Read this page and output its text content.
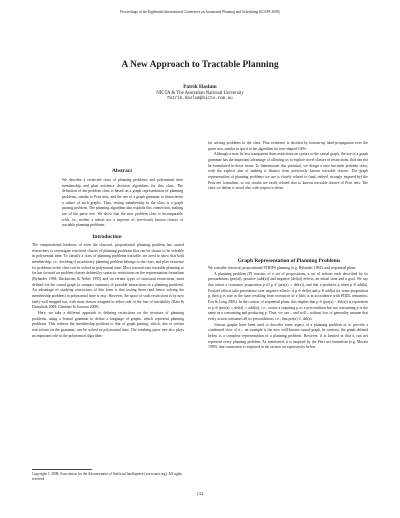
Proceedings of the Eighteenth International Conference on Automated Planning and Scheduling (ICAPS 2008)
A New Approach to Tractable Planning
Patrik Haslum
NICTA & The Australian National University
Patrik.Haslum@nicta.com.au
Abstract
We describe a restricted class of planning problems and polynomial time membership and plan existence decision algorithms for this class. The definition of the problem class is based on a graph representation of planning problems, similar to Petri nets, and the use of a graph grammar to characterise a subset of such graphs. Thus, testing membership in the class is a graph parsing problem. The planning algorithm also exploits this connection, making use of the parse tree. We show that the new problem class is incomparable with, i.e., neither a subset nor a superset of, previously known classes of tractable planning problems.
Introduction

The computational hardness of even the classical, propositional planning problem has caused researchers to investigate restricted classes of planning problems that can be shown to be solvable in polynomial time. To classify a class of planning problems tractable, we need to show that both membership, i.e., deciding if an arbitrary planning problem belongs to the class, and plan existence for problems in the class can be solved in polynomial time. Most research into tractable planning so far has focused on problem classes defined by syntactic restrictions on the representation formalism (Bylander 1994; Bäckström & Nebel 1995) and on certain types of structural restrictions, most defined via the causal graph (a compact summary of possible interactions in a planning problem). An advantage of studying restrictions of this form is that testing them (and hence solving the membership problem) in polynomial time is easy. However, the space of such restrictions is by now fairly well mapped out, with most classes assigned to either side of the line of tractability (Katz & Domshlak 2008; Giménez & Jonsson 2008).

Here, we take a different approach to defining restrictions on the structure of planning problems, using a formal grammar to define a language of graphs, which represent planning problems. This reduces the membership problem to that of graph parsing, which, due to certain restrictions on the grammar, can be solved in polynomial time. The resulting parse tree also plays an important role in the polynomial algorithm

for solving problems in the class. Plan existence is decided by bottom-up label-propagation over the parse tree, similar in spirit to the algorithm for tree-shaped CSPs.

Although it may be less transparent than restrictions on syntax or the causal graph, the use of a graph grammar has the important advantage of allowing us to explore novel classes of restrictions, that can not be formulated in those terms. To demonstrate this potential, we design a new tractable problem class, with the explicit aim of making it distinct from previously known tractable classes. The graph representation of planning problems we use is closely related to (and, indeed, strongly inspired by) the Petri net formalism, so our results are easily related also to known tractable classes of Petri nets. The class we define is novel also with respect to them.

Graph Representation of Planning Problems

We consider classical, propositional STRIPS planning (e.g. Bylander 1994), and sequential plans.

A planning problem (P) consists of a set of propositions, a set of actions each described by its preconditions (pre(a)), positive (add(a)) and negative (del(a)) effects, an initial state and a goal. We say that action a consumes proposition p iff p ∈ (pre(a) ∩ del(a)), and that a produces p when p ∈ add(a). Positive effects take precedence over negative effects: if p ∈ del(a) and p ∈ add(a) for some proposition p, then p is true in the state resulting from execution of a (this is in accordance with PDDL semantics; Fox & Long 2003). In the context of sequential plans, this implies that p ∈ (pre(a) − del(a)) is equivalent to p ∈ (pre(a) ∩ del(a) ∩ add(a)), i.e., action a requiring p as a precondition but not consuming p is the same as a consuming and producing p. Thus, we can – and will – without loss of generality assume that every action consumes all its preconditions, i.e., that pre(a) ⊂ del(a).

Various graphs have been used to describe some aspect of a planning problem or to provide a condensed view of it – an example is the now well-known causal graph. In contrast, the graph defined below is a complete representation of a planning problem. However, it is limited in that it can not represent every planning problem. As mentioned, it is inspired by the Petri net formalism (e.g. Murata 1989): that connection is explored in the section on expressivity below.

Copyright © 2008, Association for the Advancement of Artificial Intelligence (www.aaai.org). All rights reserved.
132
